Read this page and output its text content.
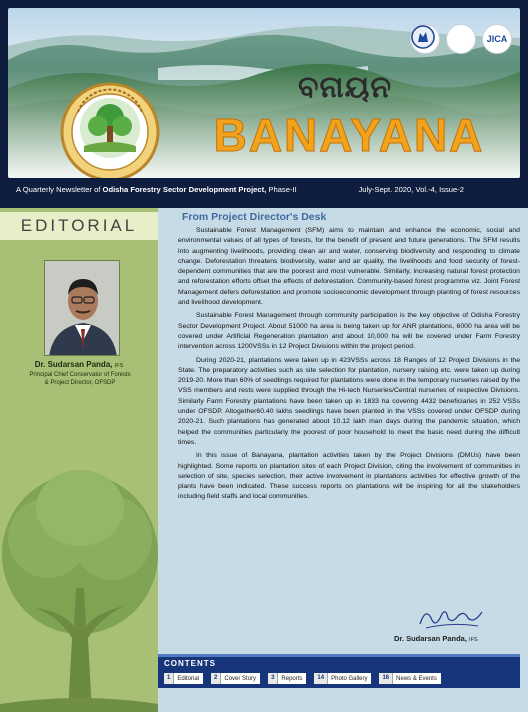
JICA
ବନାୟନ
BANAYANA
A Quarterly Newsletter of Odisha Forestry Sector Development Project, Phase-II	July-Sept. 2020, Vol.-4, Issue-2
EDITORIAL
Dr. Sudarsan Panda, IFS
Principal Chief Conservator of Forests
& Project Director, OFSDP
From Project Director's Desk

Sustainable Forest Management (SFM) aims to maintain and enhance the economic, social and environmental values of all types of forests, for the benefit of present and future generations. The SFM results into augmenting livelihoods, providing clean air and water, conserving biodiversity and responding to climate change. Deforestation threatens biodiversity, water and air quality, the livelihoods and food security of forest-dependent communities that are the poorest and most vulnerable. Similarly, increasing natural forest protection and reforestation efforts offset the effects of deforestation. Community-based forest programme viz. Joint Forest Management defers deforestation and promote socioeconomic development through planting of forest resources and livelihood development.

Sustainable Forest Management through community participation is the key objective of Odisha Forestry Sector Development Project. About 51000 ha area is being taken up for ANR plantations, 6000 ha area will be covered under Artificial Regeneration plantation and about 10,000 ha will be covered under Farm Forestry intervention across 1200VSSs in 12 Project Divisions within the project period.

During 2020-21, plantations were taken up in 423VSSs across 18 Ranges of 12 Project Divisions in the State. The preparatory activities such as site selection for plantation, nursery raising etc. were taken up during 2019-20. More than 60% of seedlings required for plantations were done in the temporary nurseries raised by the VSS members and rests were supplied through the Hi-tech Nurseries/Central nurseries of respective Divisions. Similarly Farm Forestry plantations have been taken up in 1833 ha covering 4432 beneficiaries in 252 VSSs under OFSDP. Altogether60.40 lakhs seedlings have been planted in the VSSs covered under OFSDP during 2020-21. Such plantations has generated about 10.12 lakh man days during the pandemic situation, which helped the communities particularly the poorest of poor household to meet the basic need during the difficult times.

In this issue of Banayana, plantation activities taken by the Project Divisions (DMUs) have been highlighted. Some reports on plantation sites of each Project Division, citing the involvement of communities in selection of site, species selection, their active involvement in plantations activities for effective growth of the plants have been indicated. These success reports on plantations will be inspiring for all the stakeholders including field staffs and local communities.

Dr. Sudarsan Panda, IFS
CONTENTS
1	Editorial	2	Cover Story	3	Reports	14	Photo Gallery	16	News & Events
